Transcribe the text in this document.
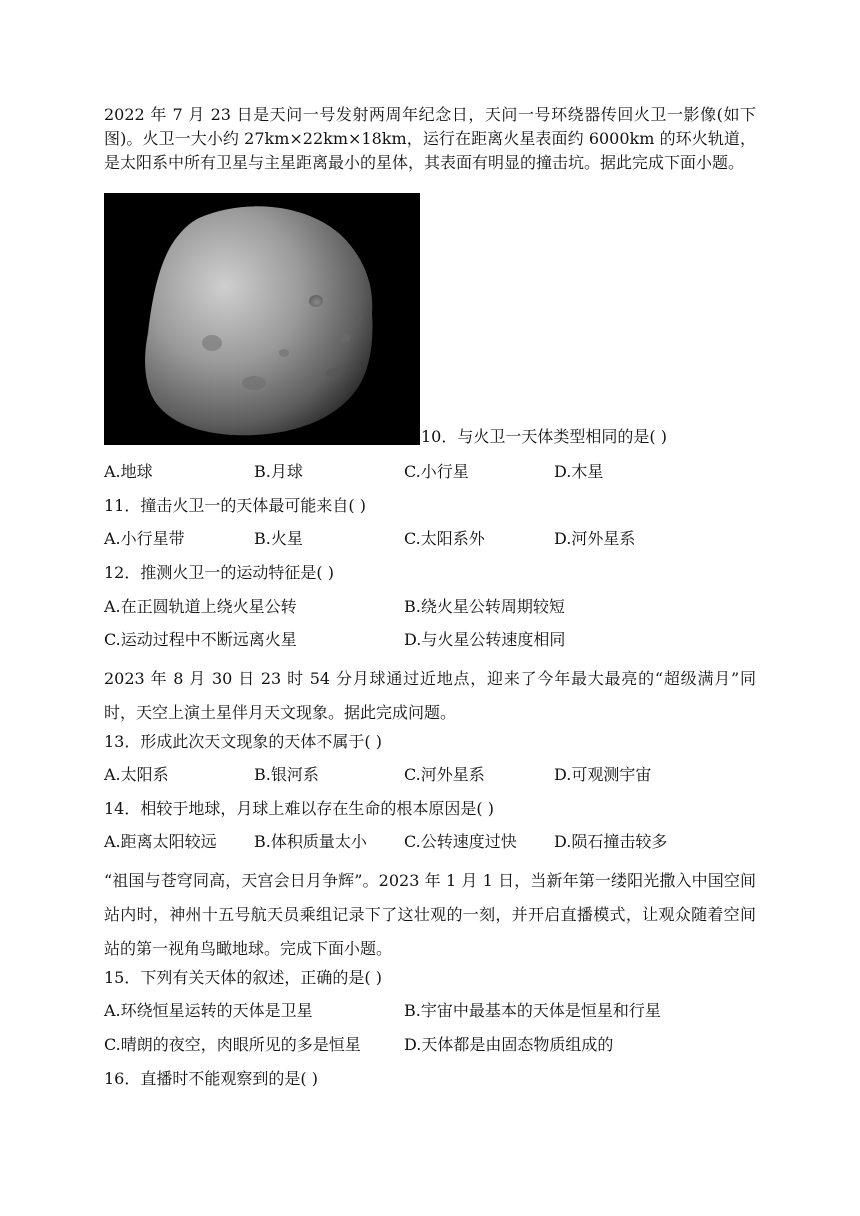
2022 年 7 月 23 日是天问一号发射两周年纪念日，天问一号环绕器传回火卫一影像(如下图)。火卫一大小约 27km×22km×18km，运行在距离火星表面约 6000km 的环火轨道，是太阳系中所有卫星与主星距离最小的星体，其表面有明显的撞击坑。据此完成下面小题。

10．与火卫一天体类型相同的是( )
A.地球	B.月球	C.小行星	D.木星
11．撞击火卫一的天体最可能来自( )
A.小行星带	B.火星	C.太阳系外	D.河外星系
12．推测火卫一的运动特征是( )
A.在正圆轨道上绕火星公转	B.绕火星公转周期较短
C.运动过程中不断远离火星	D.与火星公转速度相同

2023 年 8 月 30 日 23 时 54 分月球通过近地点，迎来了今年最大最亮的“超级满月”同时，天空上演土星伴月天文现象。据此完成问题。

13．形成此次天文现象的天体不属于( )
A.太阳系	B.银河系	C.河外星系	D.可观测宇宙
14．相较于地球，月球上难以存在生命的根本原因是( )
A.距离太阳较远 B.体积质量太小 C.公转速度过快 D.陨石撞击较多

“祖国与苍穹同高，天宫会日月争辉”。2023 年 1 月 1 日，当新年第一缕阳光撒入中国空间站内时，神州十五号航天员乘组记录下了这壮观的一刻，并开启直播模式，让观众随着空间站的第一视角鸟瞰地球。完成下面小题。

15．下列有关天体的叙述，正确的是( )
A.环绕恒星运转的天体是卫星	B.宇宙中最基本的天体是恒星和行星
C.晴朗的夜空，肉眼所见的多是恒星	D.天体都是由固态物质组成的
16．直播时不能观察到的是( )
